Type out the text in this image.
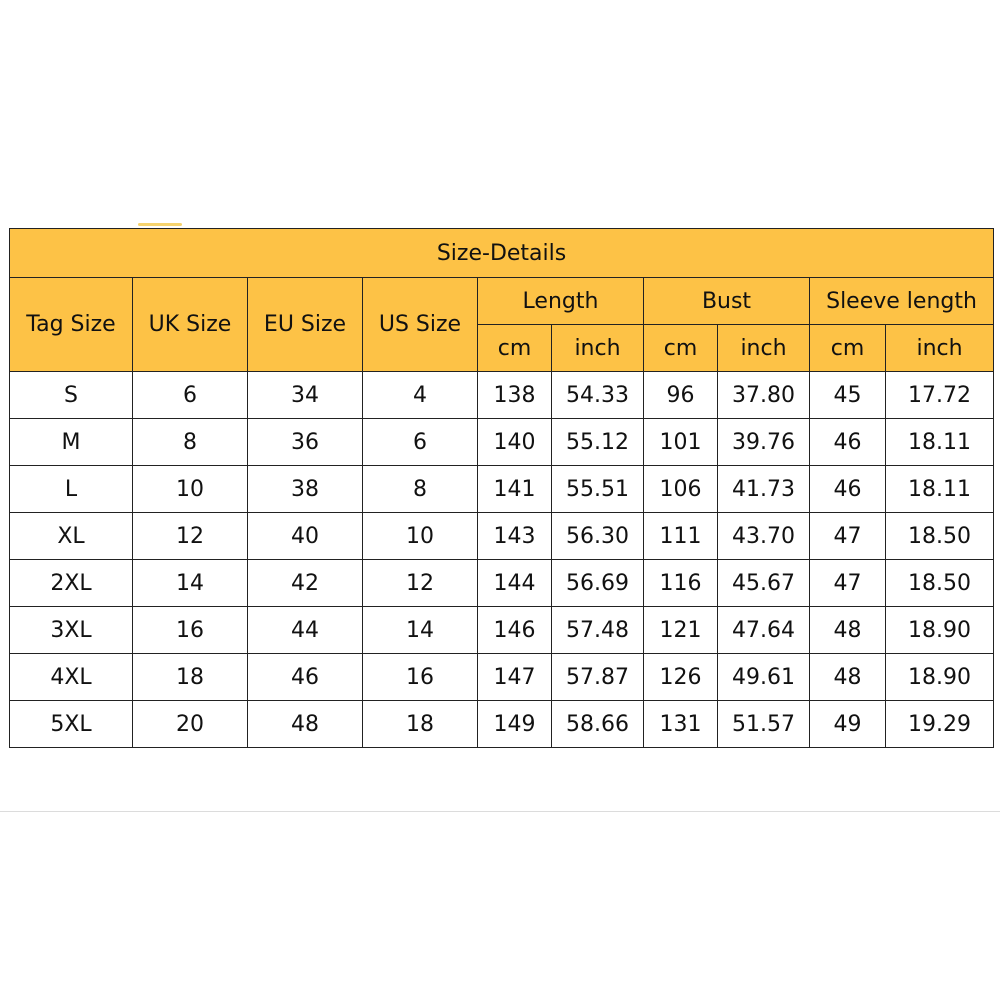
Size-Details									
Tag Size	UK Size	EU Size	US Size	Length		Bust		Sleeve length	
				cm	inch	cm	inch	cm	inch
S	6	34	4	138	54.33	96	37.80	45	17.72
M	8	36	6	140	55.12	101	39.76	46	18.11
L	10	38	8	141	55.51	106	41.73	46	18.11
XL	12	40	10	143	56.30	111	43.70	47	18.50
2XL	14	42	12	144	56.69	116	45.67	47	18.50
3XL	16	44	14	146	57.48	121	47.64	48	18.90
4XL	18	46	16	147	57.87	126	49.61	48	18.90
5XL	20	48	18	149	58.66	131	51.57	49	19.29
